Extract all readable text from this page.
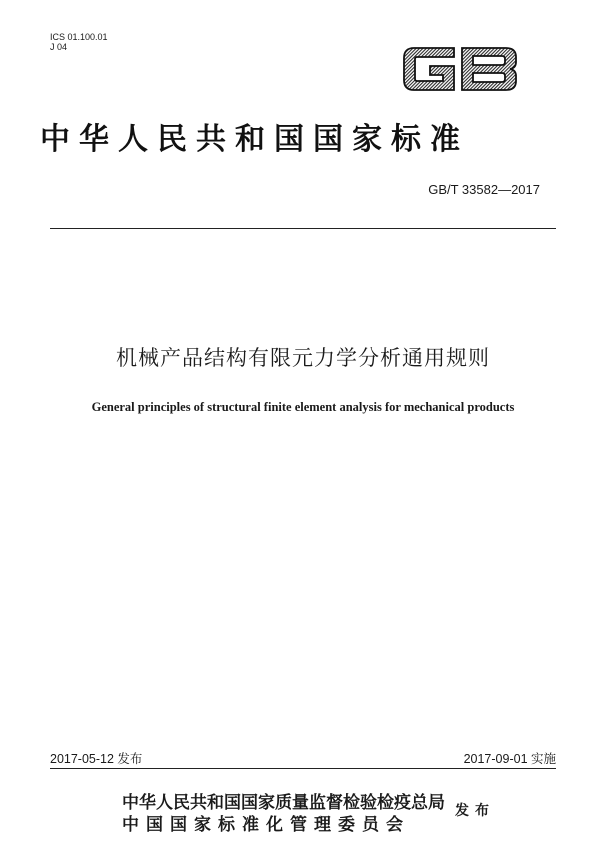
ICS 01.100.01
J 04
中华人民共和国国家标准
GB/T 33582—2017
机械产品结构有限元力学分析通用规则
General principles of structural finite element analysis for mechanical products
2017-05-12 发布	2017-09-01 实施
中华人民共和国国家质量监督检验检疫总局
中国国家标准化管理委员会
发布
